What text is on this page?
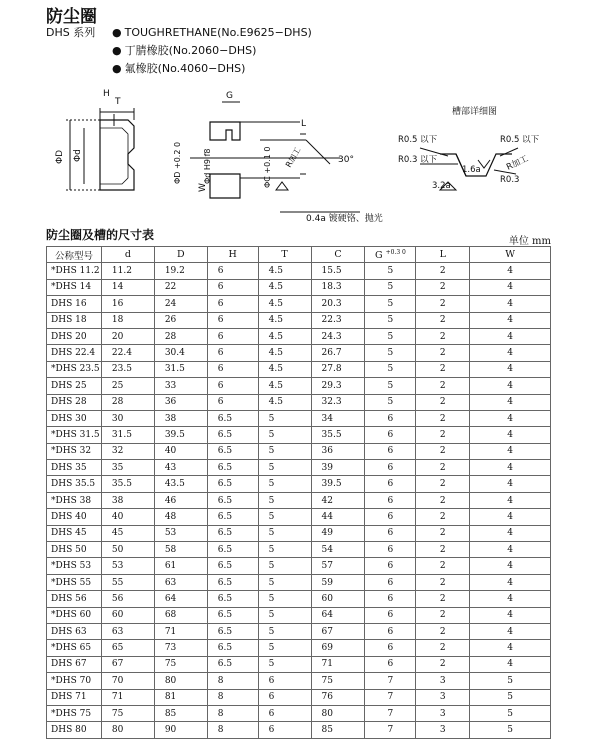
防尘圈
DHS 系列	● TOUGHRETHANE(No.E9625−DHS)
● 丁腈橡胶(No.2060−DHS)
● 氟橡胶(No.4060−DHS)
H
T
ΦD Φd
G
L
W
ΦD +0.2 0	Φd H9 f8	ΦC +0.1 0 R加工	30°
0.4a 镀硬铬、抛光
槽部详细图
R0.5 以下	R0.5 以下
R0.3 以下
1.6a
R0.3
R加工
3.2a
防尘圈及槽的尺寸表	单位 mm
公称型号	d	D	H	T	C	G $^{+0.3 0}$	L	W
*DHS 11.2	11.2	19.2	6	4.5	15.5	5	2	4
*DHS 14	14	22	6	4.5	18.3	5	2	4
DHS 16	16	24	6	4.5	20.3	5	2	4
DHS 18	18	26	6	4.5	22.3	5	2	4
DHS 20	20	28	6	4.5	24.3	5	2	4
DHS 22.4	22.4	30.4	6	4.5	26.7	5	2	4
*DHS 23.5	23.5	31.5	6	4.5	27.8	5	2	4
DHS 25	25	33	6	4.5	29.3	5	2	4
DHS 28	28	36	6	4.5	32.3	5	2	4
DHS 30	30	38	6.5	5	34	6	2	4
*DHS 31.5	31.5	39.5	6.5	5	35.5	6	2	4
*DHS 32	32	40	6.5	5	36	6	2	4
DHS 35	35	43	6.5	5	39	6	2	4
DHS 35.5	35.5	43.5	6.5	5	39.5	6	2	4
*DHS 38	38	46	6.5	5	42	6	2	4
DHS 40	40	48	6.5	5	44	6	2	4
DHS 45	45	53	6.5	5	49	6	2	4
DHS 50	50	58	6.5	5	54	6	2	4
*DHS 53	53	61	6.5	5	57	6	2	4
*DHS 55	55	63	6.5	5	59	6	2	4
DHS 56	56	64	6.5	5	60	6	2	4
*DHS 60	60	68	6.5	5	64	6	2	4
DHS 63	63	71	6.5	5	67	6	2	4
*DHS 65	65	73	6.5	5	69	6	2	4
DHS 67	67	75	6.5	5	71	6	2	4
*DHS 70	70	80	8	6	75	7	3	5
DHS 71	71	81	8	6	76	7	3	5
*DHS 75	75	85	8	6	80	7	3	5
DHS 80	80	90	8	6	85	7	3	5
